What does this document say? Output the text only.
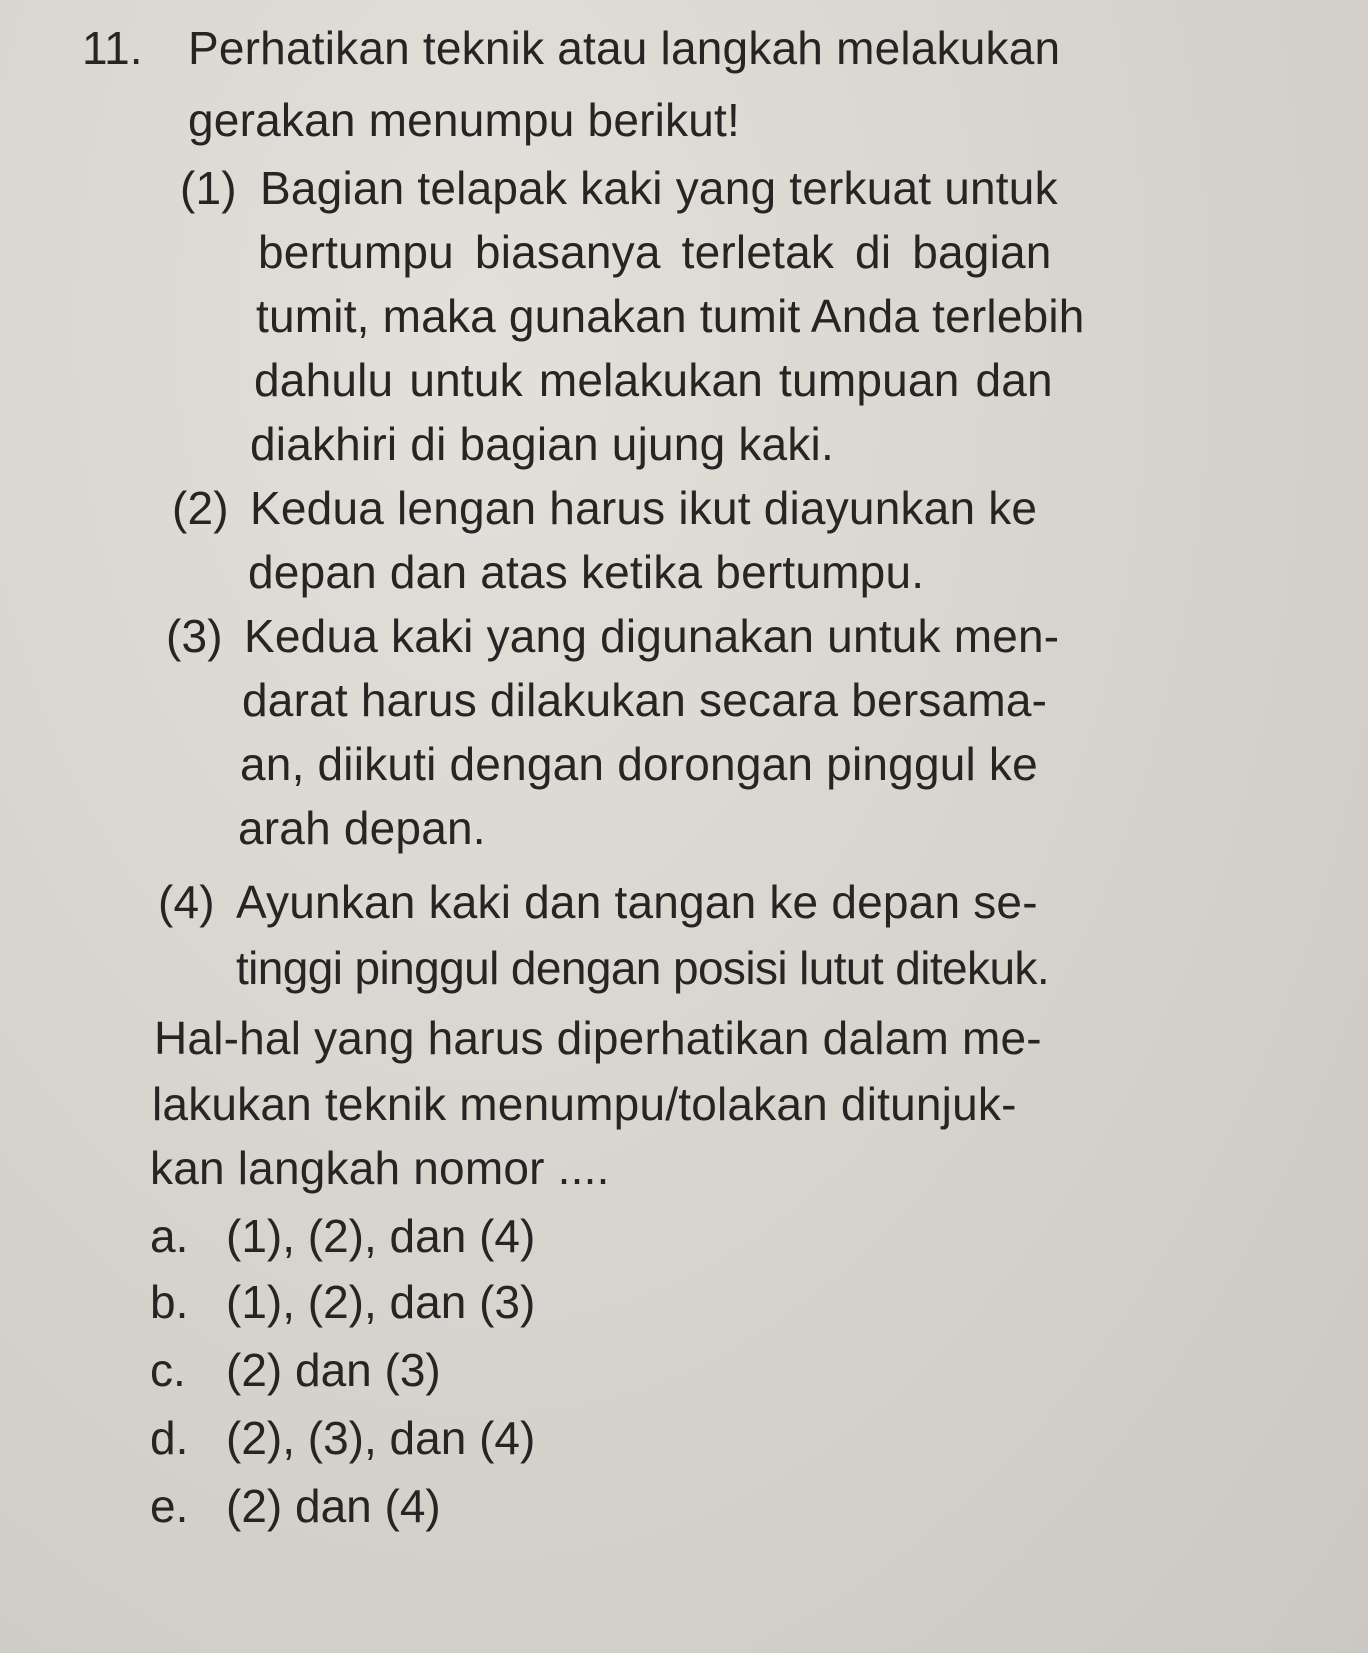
11. Perhatikan teknik atau langkah melakukan
gerakan menumpu berikut!
(1) Bagian telapak kaki yang terkuat untuk
bertumpu biasanya terletak di bagian
tumit, maka gunakan tumit Anda terlebih
dahulu untuk melakukan tumpuan dan
diakhiri di bagian ujung kaki.
(2) Kedua lengan harus ikut diayunkan ke
depan dan atas ketika bertumpu.
(3) Kedua kaki yang digunakan untuk men-
darat harus dilakukan secara bersama-
an, diikuti dengan dorongan pinggul ke
arah depan.
(4) Ayunkan kaki dan tangan ke depan se-
tinggi pinggul dengan posisi lutut ditekuk.
Hal-hal yang harus diperhatikan dalam me-
lakukan teknik menumpu/tolakan ditunjuk-
kan langkah nomor ....
a. (1), (2), dan (4)
b. (1), (2), dan (3)
c. (2) dan (3)
d. (2), (3), dan (4)
e. (2) dan (4)
